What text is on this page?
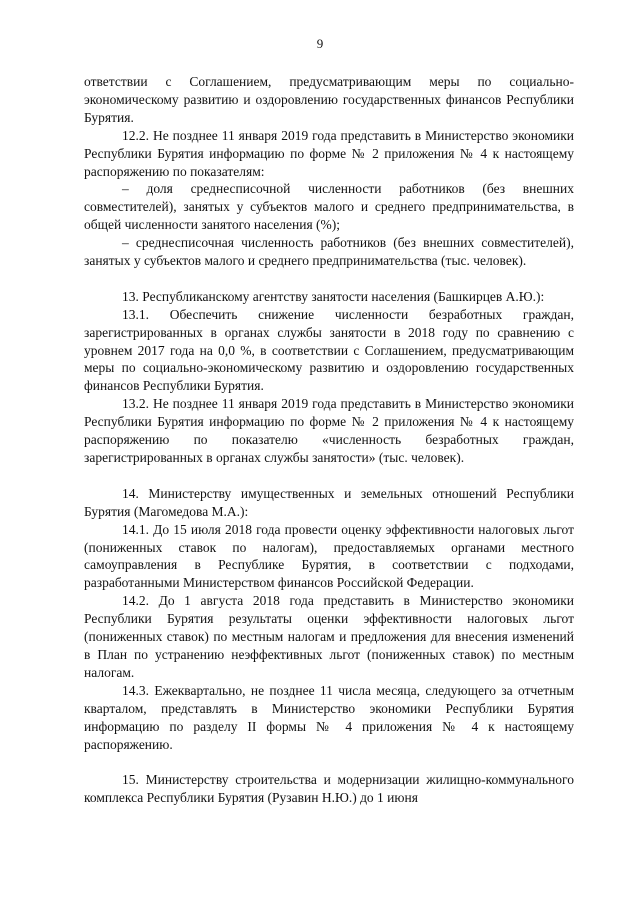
9

ответствии с Соглашением, предусматривающим меры по социально-экономическому развитию и оздоровлению государственных финансов Республики Бурятия.

12.2. Не позднее 11 января 2019 года представить в Министерство экономики Республики Бурятия информацию по форме № 2 приложения № 4 к настоящему распоряжению по показателям:

– доля среднесписочной численности работников (без внешних совместителей), занятых у субъектов малого и среднего предпринимательства, в общей численности занятого населения (%);

– среднесписочная численность работников (без внешних совместителей), занятых у субъектов малого и среднего предпринимательства (тыс. человек).

13. Республиканскому агентству занятости населения (Башкирцев А.Ю.):

13.1. Обеспечить снижение численности безработных граждан, зарегистрированных в органах службы занятости в 2018 году по сравнению с уровнем 2017 года на 0,0 %, в соответствии с Соглашением, предусматривающим меры по социально-экономическому развитию и оздоровлению государственных финансов Республики Бурятия.

13.2. Не позднее 11 января 2019 года представить в Министерство экономики Республики Бурятия информацию по форме № 2 приложения № 4 к настоящему распоряжению по показателю «численность безработных граждан, зарегистрированных в органах службы занятости» (тыс. человек).

14. Министерству имущественных и земельных отношений Республики Бурятия (Магомедова М.А.):

14.1. До 15 июля 2018 года провести оценку эффективности налоговых льгот (пониженных ставок по налогам), предоставляемых органами местного самоуправления в Республике Бурятия, в соответствии с подходами, разработанными Министерством финансов Российской Федерации.

14.2. До 1 августа 2018 года представить в Министерство экономики Республики Бурятия результаты оценки эффективности налоговых льгот (пониженных ставок) по местным налогам и предложения для внесения изменений в План по устранению неэффективных льгот (пониженных ставок) по местным налогам.

14.3. Ежеквартально, не позднее 11 числа месяца, следующего за отчетным кварталом, представлять в Министерство экономики Республики Бурятия информацию по разделу II формы № 4 приложения № 4 к настоящему распоряжению.

15. Министерству строительства и модернизации жилищно-коммунального комплекса Республики Бурятия (Рузавин Н.Ю.) до 1 июня
